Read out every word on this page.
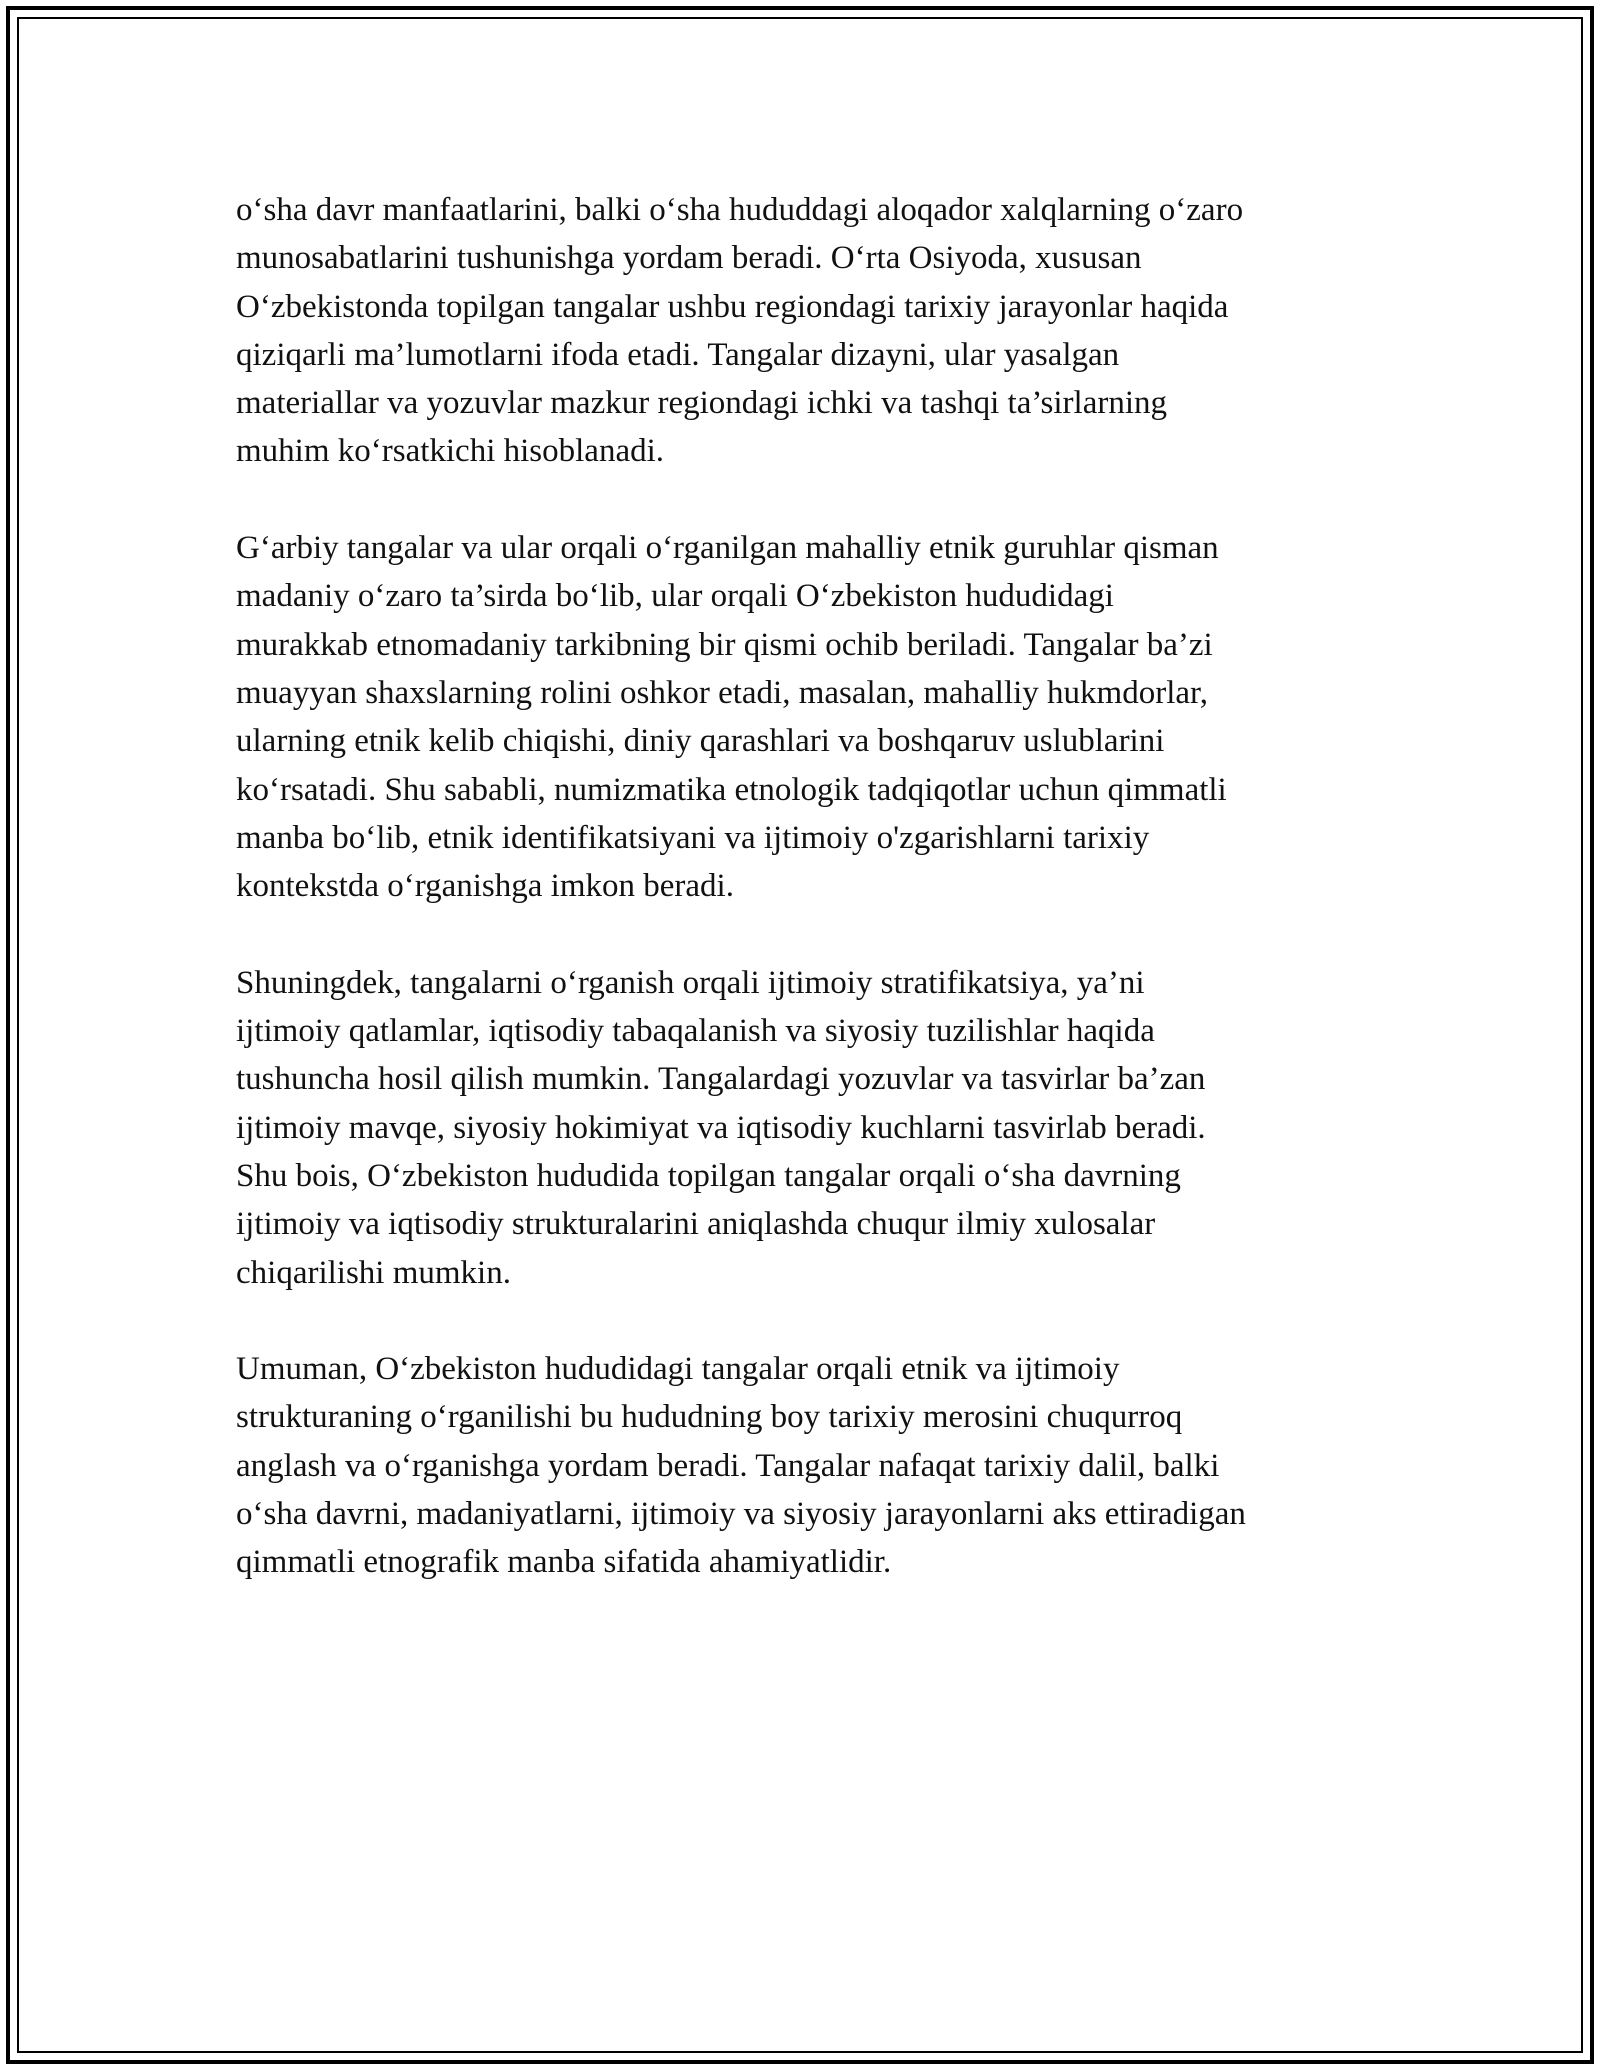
o‘sha davr manfaatlarini, balki o‘sha hududdagi aloqador xalqlarning o‘zaro
munosabatlarini tushunishga yordam beradi. O‘rta Osiyoda, xususan
O‘zbekistonda topilgan tangalar ushbu regiondagi tarixiy jarayonlar haqida
qiziqarli ma’lumotlarni ifoda etadi. Tangalar dizayni, ular yasalgan
materiallar va yozuvlar mazkur regiondagi ichki va tashqi ta’sirlarning
muhim ko‘rsatkichi hisoblanadi.

G‘arbiy tangalar va ular orqali o‘rganilgan mahalliy etnik guruhlar qisman
madaniy o‘zaro ta’sirda bo‘lib, ular orqali O‘zbekiston hududidagi
murakkab etnomadaniy tarkibning bir qismi ochib beriladi. Tangalar ba’zi
muayyan shaxslarning rolini oshkor etadi, masalan, mahalliy hukmdorlar,
ularning etnik kelib chiqishi, diniy qarashlari va boshqaruv uslublarini
ko‘rsatadi. Shu sababli, numizmatika etnologik tadqiqotlar uchun qimmatli
manba bo‘lib, etnik identifikatsiyani va ijtimoiy o'zgarishlarni tarixiy
kontekstda o‘rganishga imkon beradi.

Shuningdek, tangalarni o‘rganish orqali ijtimoiy stratifikatsiya, ya’ni
ijtimoiy qatlamlar, iqtisodiy tabaqalanish va siyosiy tuzilishlar haqida
tushuncha hosil qilish mumkin. Tangalardagi yozuvlar va tasvirlar ba’zan
ijtimoiy mavqe, siyosiy hokimiyat va iqtisodiy kuchlarni tasvirlab beradi.
Shu bois, O‘zbekiston hududida topilgan tangalar orqali o‘sha davrning
ijtimoiy va iqtisodiy strukturalarini aniqlashda chuqur ilmiy xulosalar
chiqarilishi mumkin.

Umuman, O‘zbekiston hududidagi tangalar orqali etnik va ijtimoiy
strukturaning o‘rganilishi bu hududning boy tarixiy merosini chuqurroq
anglash va o‘rganishga yordam beradi. Tangalar nafaqat tarixiy dalil, balki
o‘sha davrni, madaniyatlarni, ijtimoiy va siyosiy jarayonlarni aks ettiradigan
qimmatli etnografik manba sifatida ahamiyatlidir.
